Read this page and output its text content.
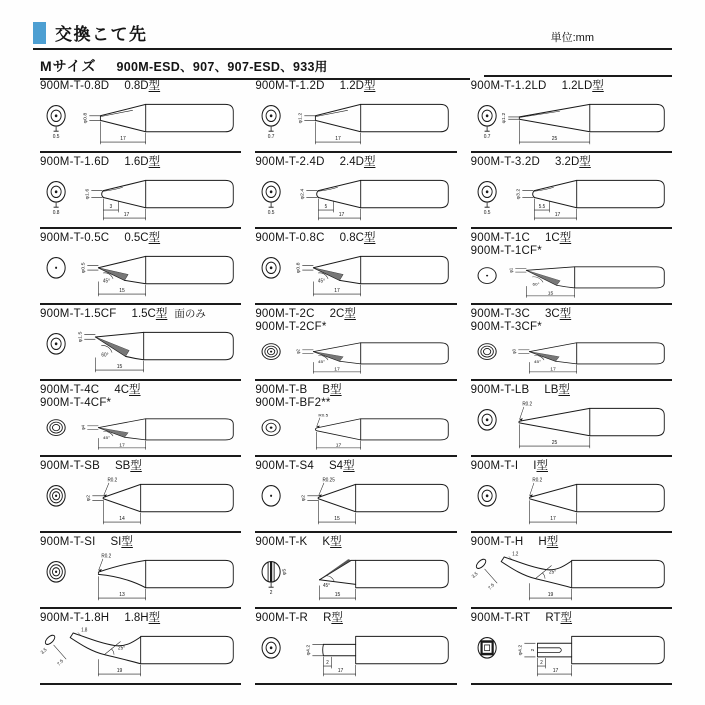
交換こて先	単位:mm
Mサイズ 900M-ESD、907、907-ESD、933用
900M-T-0.8D 0.8D型
0.5
φ0.8
17
900M-T-1.2D 1.2D型
0.7
φ1.2
17
900M-T-1.2LD 1.2LD型
0.7
φ1.2
25
900M-T-1.6D 1.6D型
0.8
φ1.6
3
17
900M-T-2.4D 2.4D型
0.5
φ2.4
5
17
900M-T-3.2D 3.2D型
0.5
φ3.2
5.5
17
900M-T-0.5C 0.5C型
φ0.5
45°
15
900M-T-0.8C 0.8C型
φ0.8
45°
17
900M-T-1C 1C型
900M-T-1CF*
φ1
60°
15
900M-T-1.5CF 1.5C型 面のみ
φ1.5
60°
15
900M-T-2C 2C型
900M-T-2CF*
φ2
45°
17
900M-T-3C 3C型
900M-T-3CF*
φ3
45°
17
900M-T-4C 4C型
900M-T-4CF*
φ4
45°
17
900M-T-B B型
900M-T-BF2**
R0.5
17
900M-T-LB LB型
R0.2
25
900M-T-SB SB型
φ2
R0.2
14
900M-T-S4 S4型
φ2
R0.25
15
900M-T-I I型
R0.2
17
900M-T-SI SI型
R0.2
13
900M-T-K K型
φ5
2
45°
15
900M-T-H H型
3.5
7.5
1.2
25°
19
900M-T-1.8H 1.8H型
3.5
7.5
1.8
25°
19
900M-T-R R型
φ4.2
2
17
900M-T-RT RT型
φ4.2 2
2
17
